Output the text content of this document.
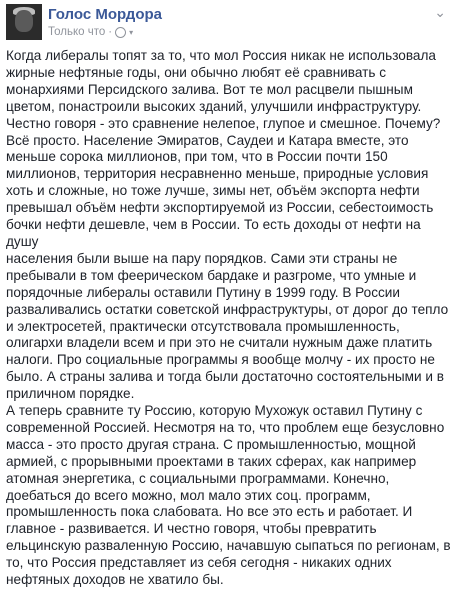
Голос Мордора
Только что · ▾
⌄

Когда либералы топят за то, что мол Россия никак не использовала
жирные нефтяные годы, они обычно любят её сравнивать с
монархиями Персидского залива. Вот те мол расцвели пышным
цветом, понастроили высоких зданий, улучшили инфраструктуру.
Честно говоря - это сравнение нелепое, глупое и смешное. Почему?
Всё просто. Население Эмиратов, Саудеи и Катара вместе, это
меньше сорока миллионов, при том, что в России почти 150
миллионов, территория несравненно меньше, природные условия
хоть и сложные, но тоже лучше, зимы нет, объём экспорта нефти
превышал объём нефти экспортируемой из России, себестоимость
бочки нефти дешевле, чем в России. То есть доходы от нефти на душу
населения были выше на пару порядков. Сами эти страны не
пребывали в том феерическом бардаке и разгроме, что умные и
порядочные либералы оставили Путину в 1999 году. В России
разваливались остатки советской инфраструктуры, от дорог до тепло
и электросетей, практически отсутствовала промышленность,
олигархи владели всем и при это не считали нужным даже платить
налоги. Про социальные программы я вообще молчу - их просто не
было. А страны залива и тогда были достаточно состоятельными и в
приличном порядке.
А теперь сравните ту Россию, которую Мухожук оставил Путину с
современной Россией. Несмотря на то, что проблем еще безусловно
масса - это просто другая страна. С промышленностью, мощной
армией, с прорывными проектами в таких сферах, как например
атомная энергетика, с социальными программами. Конечно,
доебаться до всего можно, мол мало этих соц. программ,
промышленность пока слабовата. Но все это есть и работает. И
главное - развивается. И честно говоря, чтобы превратить
ельцинскую разваленную Россию, начавшую сыпаться по регионам, в
то, что Россия представляет из себя сегодня - никаких одних
нефтяных доходов не хватило бы.
